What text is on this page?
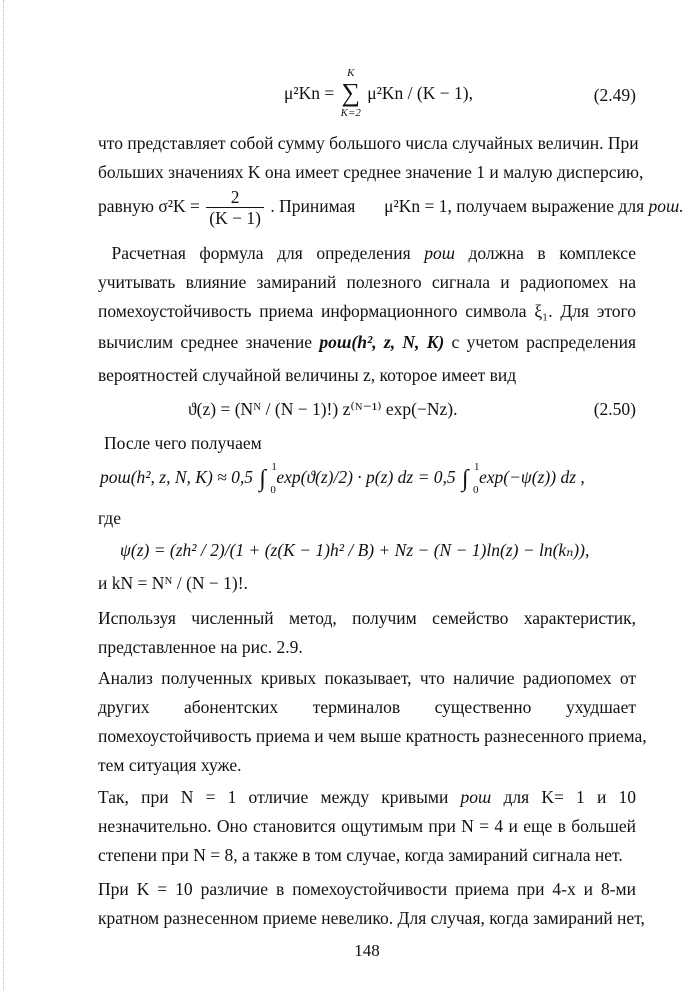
μ²Kn =
K
∑
K=2
μ²Kn / (K − 1),	(2.49)
что представляет собой сумму большого числа случайных величин. При
больших значениях K она имеет среднее значение 1 и малую дисперсию,
равную $\sigma^2K = \frac{2}{(K - 1)}$ . Принимая μ²Kn = 1, получаем выражение для pош.
Расчетная формула для определения pош должна в комплексе
учитывать влияние замираний полезного сигнала и радиопомех на
помехоустойчивость приема информационного символа ξ₁. Для этого
вычислим среднее значение pош(h², z, N, K) с учетом распределения
вероятностей случайной величины z, которое имеет вид
ϑ(z) = (Nᴺ / (N − 1)!) z⁽ᴺ⁻¹⁾ exp(−Nz).	(2.50)
После чего получаем
pош(h², z, N, K) ≈ 0,5 ∫ 1
0
exp(ϑ(z)/2) · p(z) dz = 0,5 ∫ 1
0
exp(−ψ(z)) dz ,
где
ψ(z) = (zh² / 2)/(1 + (z(K − 1)h² / B) + Nz − (N − 1)ln(z) − ln(kₙ)),
и kN = Nᴺ / (N − 1)!.
Используя численный метод, получим семейство характеристик,
представленное на рис. 2.9.
Анализ полученных кривых показывает, что наличие радиопомех от
других абонентских терминалов существенно ухудшает
помехоустойчивость приема и чем выше кратность разнесенного приема,
тем ситуация хуже.
Так, при N = 1 отличие между кривыми pош для K= 1 и 10
незначительно. Оно становится ощутимым при N = 4 и еще в большей
степени при N = 8, а также в том случае, когда замираний сигнала нет.
При K = 10 различие в помехоустойчивости приема при 4-х и 8-ми
кратном разнесенном приеме невелико. Для случая, когда замираний нет,
148
